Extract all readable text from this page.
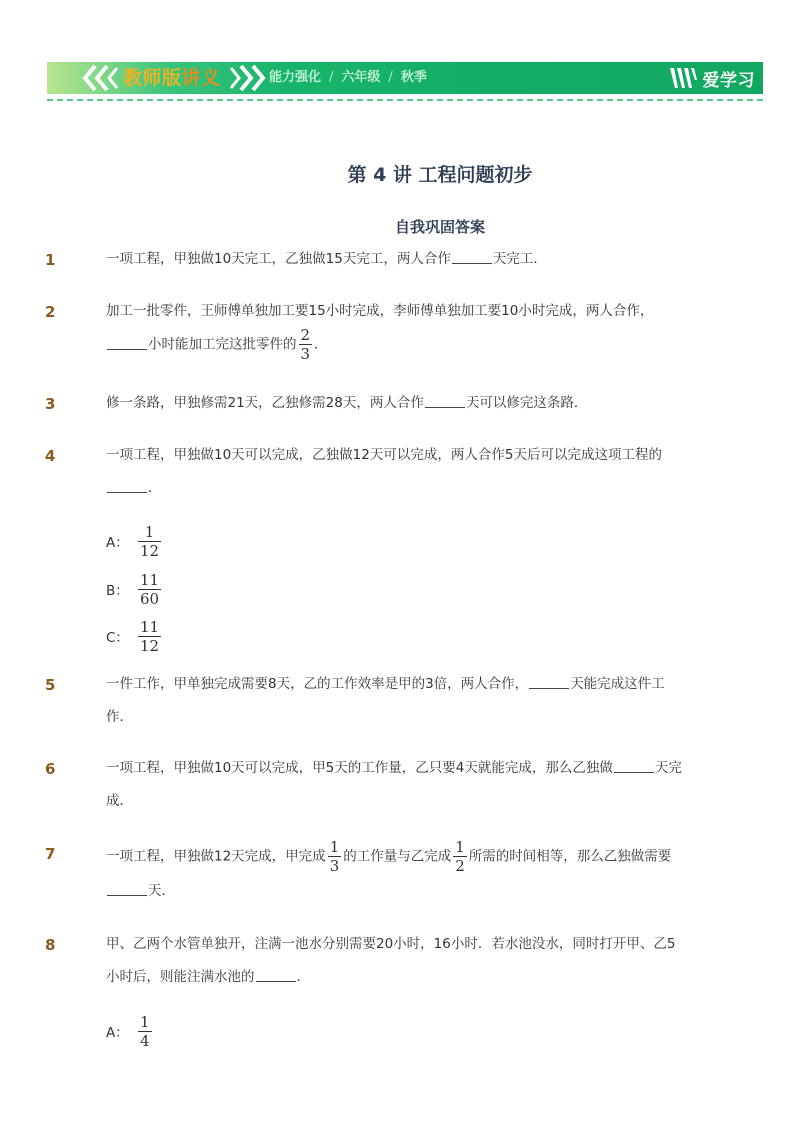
教师版讲义	能力强化 / 六年级 / 秋季	爱学习
第 4 讲 工程问题初步
自我巩固答案
1	一项工程，甲独做10天完工，乙独做15天完工，两人合作	天完工．
2	加工一批零件，王师傅单独加工要15小时完成，李师傅单独加工要10小时完成，两人合作，
小时能加工完这批零件的 $\frac{2}{3}$ ．
3	修一条路，甲独修需21天，乙独修需28天，两人合作	天可以修完这条路．
4	一项工程，甲独做10天可以完成，乙独做12天可以完成，两人合作5天后可以完成这项工程的
．
A： $\frac{1}{12}$
B： $\frac{11}{60}$
C： $\frac{11}{12}$
5	一件工作，甲单独完成需要8天，乙的工作效率是甲的3倍，两人合作，	天能完成这件工
作．
6	一项工程，甲独做10天可以完成，甲5天的工作量，乙只要4天就能完成，那么乙独做	天完
成．
7	一项工程，甲独做12天完成，甲完成 $\frac{1}{3}$ 的工作量与乙完成 $\frac{1}{2}$ 所需的时间相等，那么乙独做需要
天．
8	甲、乙两个水管单独开，注满一池水分别需要20小时，16小时．若水池没水，同时打开甲、乙5
小时后，则能注满水池的	．
A： $\frac{1}{4}$
